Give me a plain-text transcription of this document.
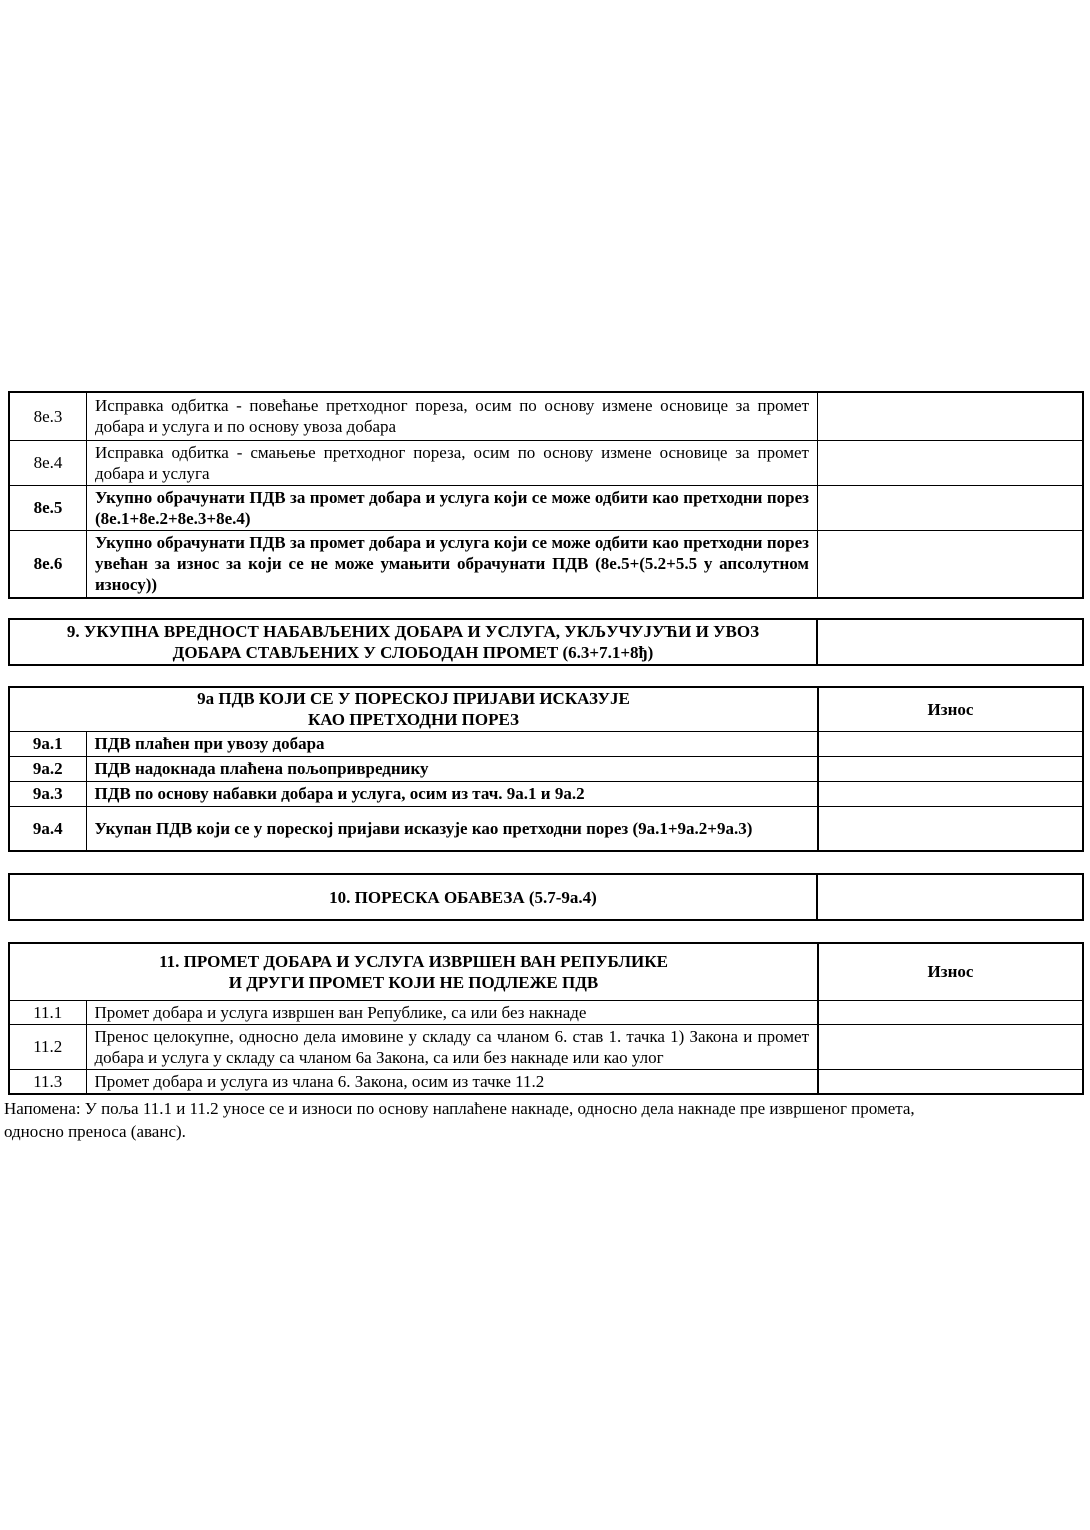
8е.3	Исправка одбитка - повећање претходног пореза, осим по основу измене основице за промет добара и услуга и по основу увоза добара	
8е.4	Исправка одбитка - смањење претходног пореза, осим по основу измене основице за промет добара и услуга	
8е.5	Укупно обрачунати ПДВ за промет добара и услуга који се може одбити као претходни порез (8е.1+8е.2+8е.3+8е.4)	
8е.6	Укупно обрачунати ПДВ за промет добара и услуга који се може одбити као претходни порез увећан за износ за који се не може умањити обрачунати ПДВ (8е.5+(5.2+5.5 у апсолутном износу))	
9. УКУПНА ВРЕДНОСТ НАБАВЉЕНИХ ДОБАРА И УСЛУГА, УКЉУЧУЈУЋИ И УВОЗ
ДОБАРА СТАВЉЕНИХ У СЛОБОДАН ПРОМЕТ (6.3+7.1+8ђ)

9а ПДВ КОЈИ СЕ У ПОРЕСКОЈ ПРИЈАВИ ИСКАЗУЈЕ
КАО ПРЕТХОДНИ ПОРЕЗ		Износ
9а.1	ПДВ плаћен при увозу добара	
9а.2	ПДВ надокнада плаћена пољопривреднику	
9а.3	ПДВ по основу набавки добара и услуга, осим из тач. 9а.1 и 9а.2	
9а.4	Укупан ПДВ који се у пореској пријави исказује као претходни порез (9а.1+9а.2+9а.3)	
10. ПОРЕСКА ОБАВЕЗА (5.7-9а.4)	
11. ПРОМЕТ ДОБАРА И УСЛУГА ИЗВРШЕН ВАН РЕПУБЛИКЕ
И ДРУГИ ПРОМЕТ КОЈИ НЕ ПОДЛЕЖЕ ПДВ		Износ
11.1	Промет добара и услуга извршен ван Републике, са или без накнаде	
11.2	Пренос целокупне, односно дела имовине у складу са чланом 6. став 1. тачка 1) Закона и промет добара и услуга у складу са чланом 6а Закона, са или без накнаде или као улог	
11.3	Промет добара и услуга из члана 6. Закона, осим из тачке 11.2	
Напомена: У поља 11.1 и 11.2 уносе се и износи по основу наплаћене накнаде, односно дела накнаде пре извршеног промета,
односно преноса (аванс).
